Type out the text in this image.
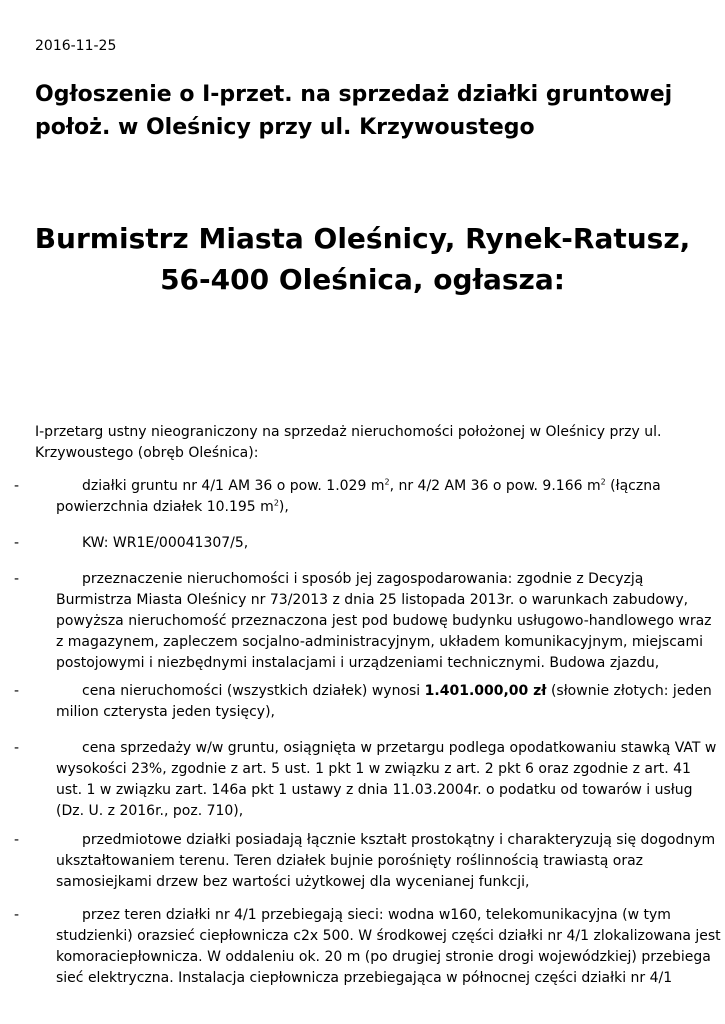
2016-11-25
Ogłoszenie o I-przet. na sprzedaż działki gruntowej położ. w Oleśnicy przy ul. Krzywoustego
Burmistrz Miasta Oleśnicy, Rynek-Ratusz,
56-400 Oleśnica, ogłasza:

I-przetarg ustny nieograniczony na sprzedaż nieruchomości położonej w Oleśnicy przy ul. Krzywoustego (obręb Oleśnica):

-	działki gruntu nr 4/1 AM 36 o pow. 1.029 $m^2$, nr 4/2 AM 36 o pow. 9.166 $m^2$ (łączna powierzchnia działek 10.195 $m^2$),

-	KW: WR1E/00041307/5,

-	przeznaczenie nieruchomości i sposób jej zagospodarowania: zgodnie z Decyzją Burmistrza Miasta Oleśnicy nr 73/2013 z dnia 25 listopada 2013r. o warunkach zabudowy, powyższa nieruchomość przeznaczona jest pod budowę budynku usługowo-handlowego wraz z magazynem, zapleczem socjalno-administracyjnym, układem komunikacyjnym, miejscami postojowymi i niezbędnymi instalacjami i urządzeniami technicznymi. Budowa zjazdu,

-	cena nieruchomości (wszystkich działek) wynosi 1.401.000,00 zł (słownie złotych: jeden milion czterysta jeden tysięcy),

-	cena sprzedaży w/w gruntu, osiągnięta w przetargu podlega opodatkowaniu stawką VAT w wysokości 23%, zgodnie z art. 5 ust. 1 pkt 1 w związku z art. 2 pkt 6 oraz zgodnie z art. 41 ust. 1 w związku zart. 146a pkt 1 ustawy z dnia 11.03.2004r. o podatku od towarów i usług (Dz. U. z 2016r., poz. 710),

-	przedmiotowe działki posiadają łącznie kształt prostokątny i charakteryzują się dogodnym ukształtowaniem terenu. Teren działek bujnie porośnięty roślinnością trawiastą oraz samosiejkami drzew bez wartości użytkowej dla wycenianej funkcji,

-	przez teren działki nr 4/1 przebiegają sieci: wodna w160, telekomunikacyjna (w tym studzienki) orazsieć ciepłownicza c2x 500. W środkowej części działki nr 4/1 zlokalizowana jest komora​ciepłownicza. W oddaleniu ok. 20 m (po drugiej stronie drogi wojewódzkiej) przebiega sieć elektryczna. Instalacja ciepłownicza przebiegająca w północnej części działki nr 4/1
